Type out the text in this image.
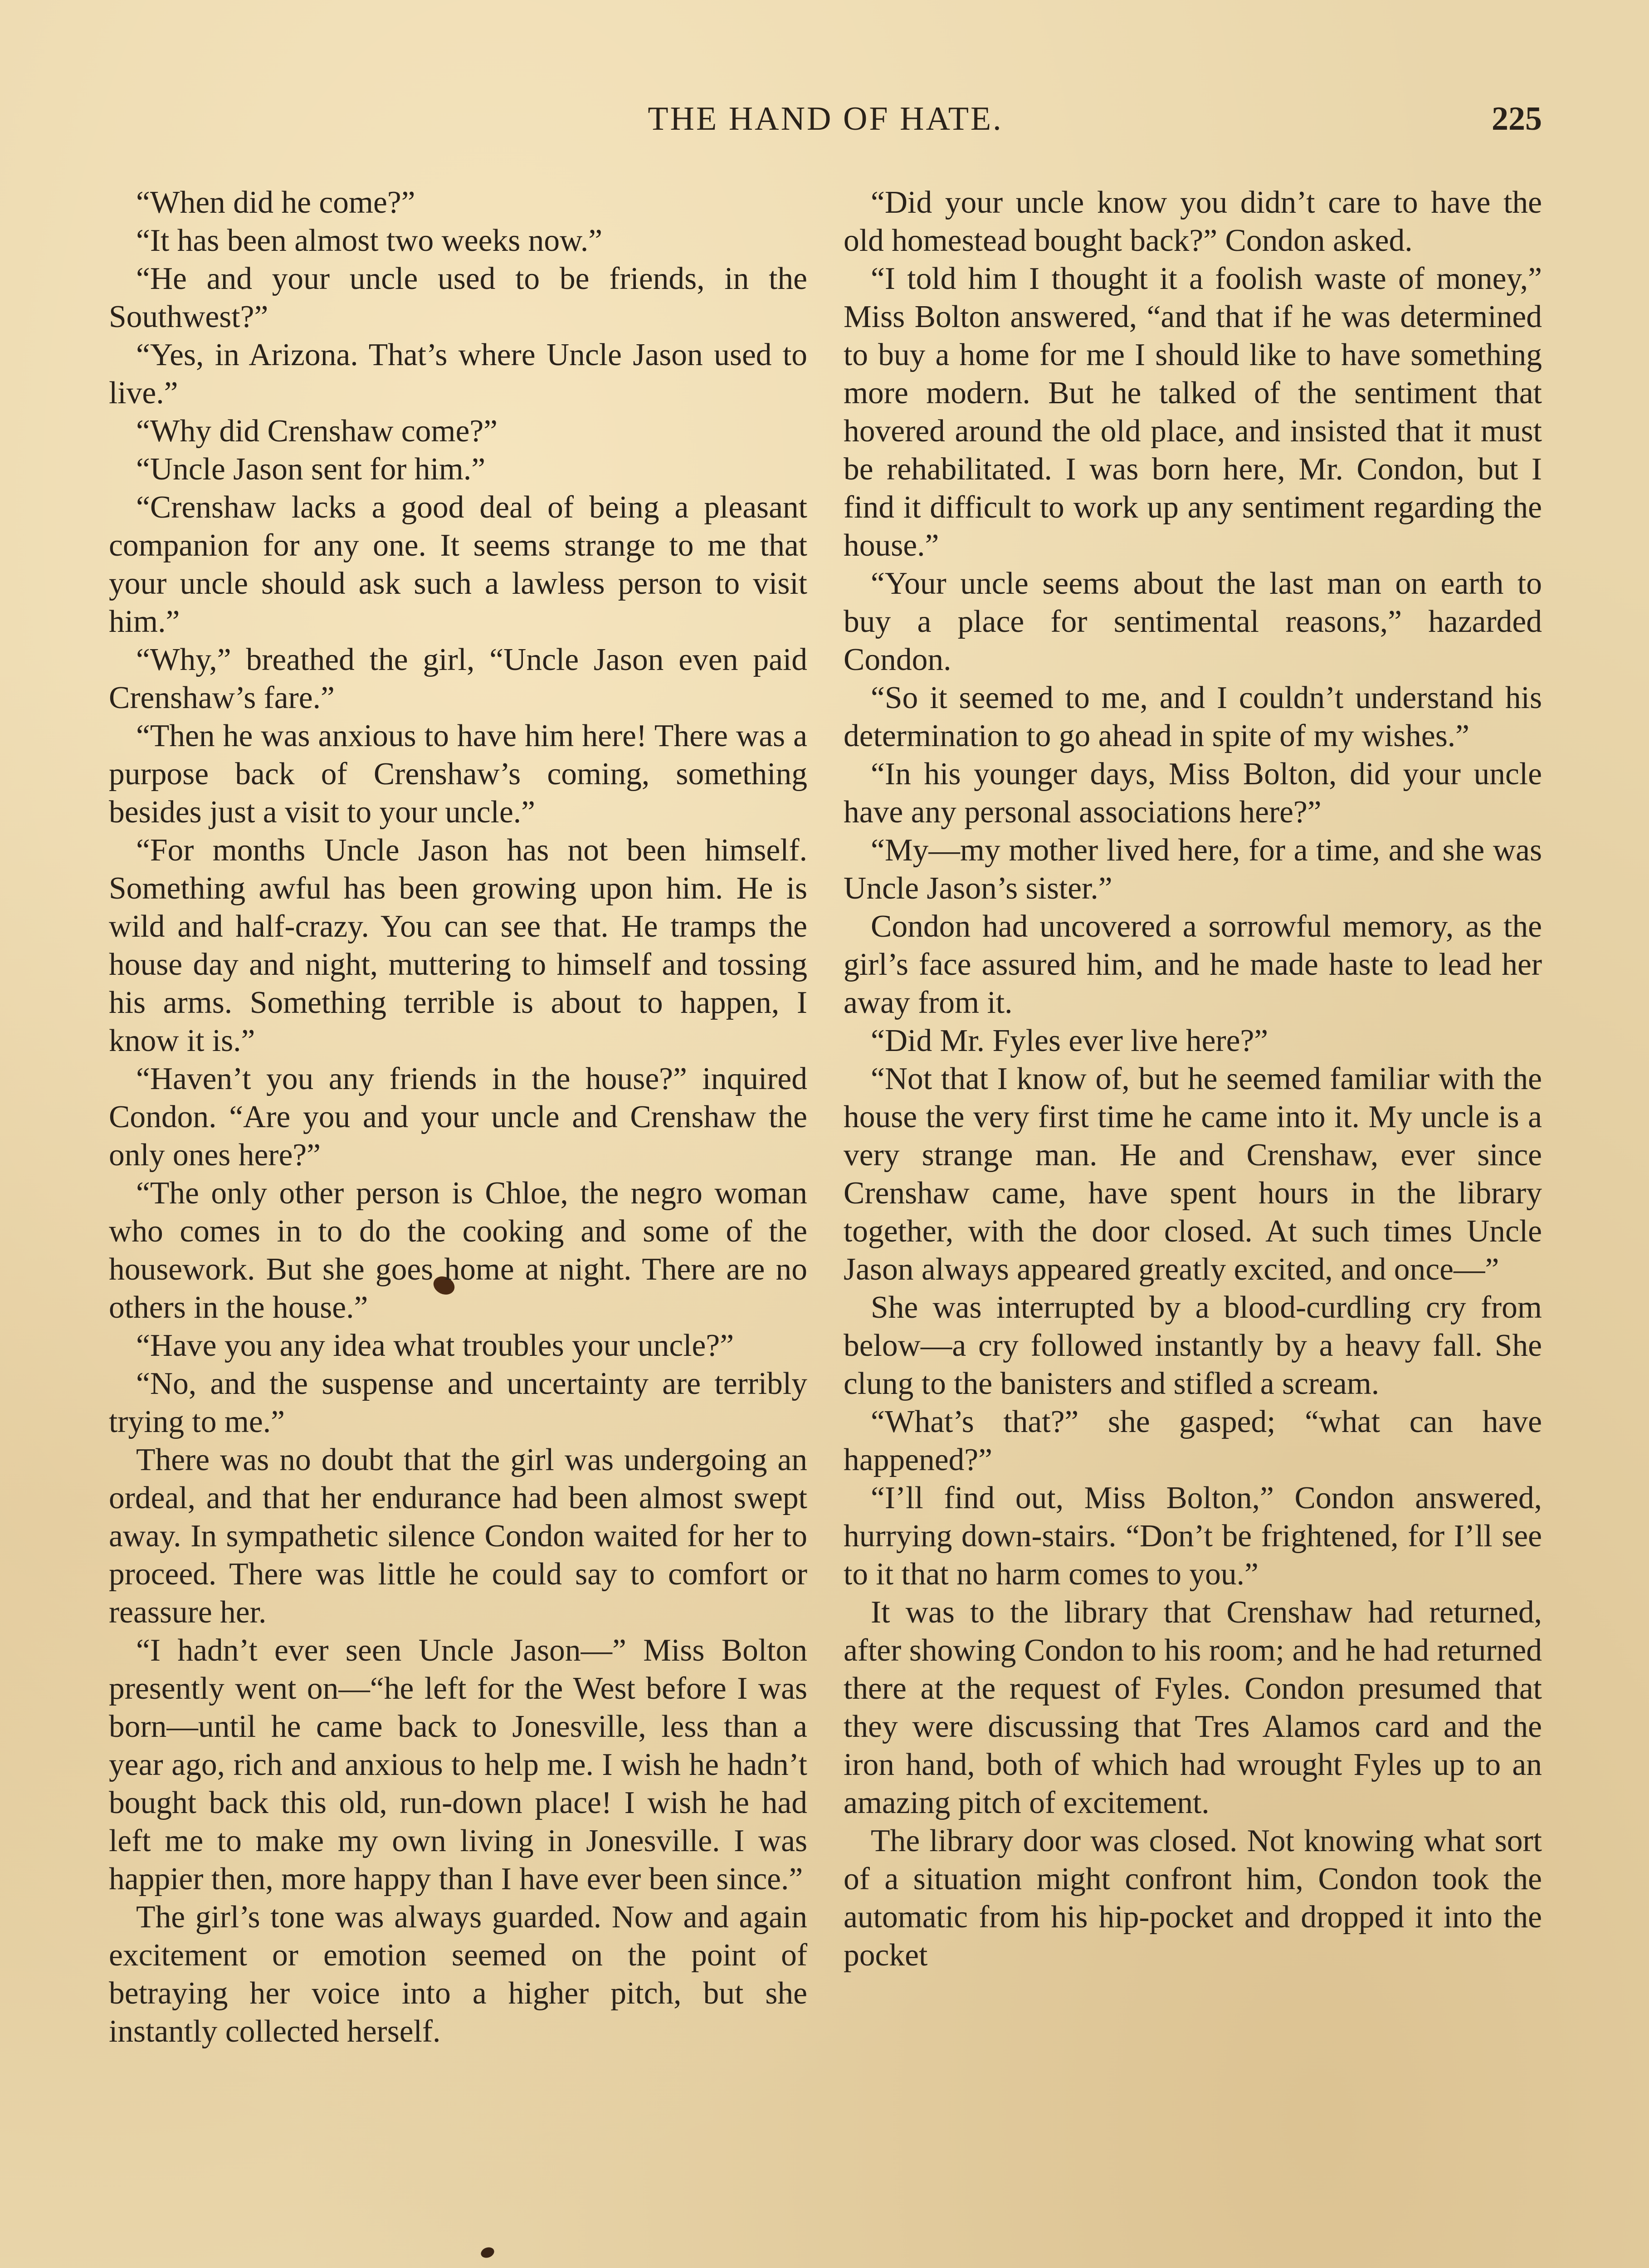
THE HAND OF HATE.	225

“When did he come?”

“It has been almost two weeks now.”

“He and your uncle used to be friends, in the Southwest?”

“Yes, in Arizona. That’s where Uncle Jason used to live.”

“Why did Crenshaw come?”

“Uncle Jason sent for him.”

“Crenshaw lacks a good deal of being a pleasant companion for any one. It seems strange to me that your uncle should ask such a lawless person to visit him.”

“Why,” breathed the girl, “Uncle Jason even paid Crenshaw’s fare.”

“Then he was anxious to have him here! There was a purpose back of Crenshaw’s coming, something besides just a visit to your uncle.”

“For months Uncle Jason has not been himself. Something awful has been growing upon him. He is wild and half-crazy. You can see that. He tramps the house day and night, muttering to himself and tossing his arms. Something terrible is about to happen, I know it is.”

“Haven’t you any friends in the house?” inquired Condon. “Are you and your uncle and Crenshaw the only ones here?”

“The only other person is Chloe, the negro woman who comes in to do the cooking and some of the housework. But she goes home at night. There are no others in the house.”

“Have you any idea what troubles your uncle?”

“No, and the suspense and uncertainty are terribly trying to me.”

There was no doubt that the girl was undergoing an ordeal, and that her endurance had been almost swept away. In sympathetic silence Condon waited for her to proceed. There was little he could say to comfort or reassure her.

“I hadn’t ever seen Uncle Jason—” Miss Bolton presently went on—“he left for the West before I was born—until he came back to Jonesville, less than a year ago, rich and anxious to help me. I wish he hadn’t bought back this old, run-down place! I wish he had left me to make my own living in Jonesville. I was happier then, more happy than I have ever been since.”

The girl’s tone was always guarded. Now and again excitement or emotion seemed on the point of betraying her voice into a higher pitch, but she instantly collected herself.

“Did your uncle know you didn’t care to have the old homestead bought back?” Condon asked.

“I told him I thought it a foolish waste of money,” Miss Bolton answered, “and that if he was determined to buy a home for me I should like to have something more modern. But he talked of the sentiment that hovered around the old place, and insisted that it must be rehabilitated. I was born here, Mr. Condon, but I find it difficult to work up any sentiment regarding the house.”

“Your uncle seems about the last man on earth to buy a place for sentimental reasons,” hazarded Condon.

“So it seemed to me, and I couldn’t understand his determination to go ahead in spite of my wishes.”

“In his younger days, Miss Bolton, did your uncle have any personal associations here?”

“My—my mother lived here, for a time, and she was Uncle Jason’s sister.”

Condon had uncovered a sorrowful memory, as the girl’s face assured him, and he made haste to lead her away from it.

“Did Mr. Fyles ever live here?”

“Not that I know of, but he seemed familiar with the house the very first time he came into it. My uncle is a very strange man. He and Crenshaw, ever since Crenshaw came, have spent hours in the library together, with the door closed. At such times Uncle Jason always appeared greatly excited, and once—”

She was interrupted by a blood-curdling cry from below—a cry followed instantly by a heavy fall. She clung to the banisters and stifled a scream.

“What’s that?” she gasped; “what can have happened?”

“I’ll find out, Miss Bolton,” Condon answered, hurrying down-stairs. “Don’t be frightened, for I’ll see to it that no harm comes to you.”

It was to the library that Crenshaw had returned, after showing Condon to his room; and he had returned there at the request of Fyles. Condon presumed that they were discussing that Tres Alamos card and the iron hand, both of which had wrought Fyles up to an amazing pitch of excitement.

The library door was closed. Not knowing what sort of a situation might confront him, Condon took the automatic from his hip-pocket and dropped it into the pocket
